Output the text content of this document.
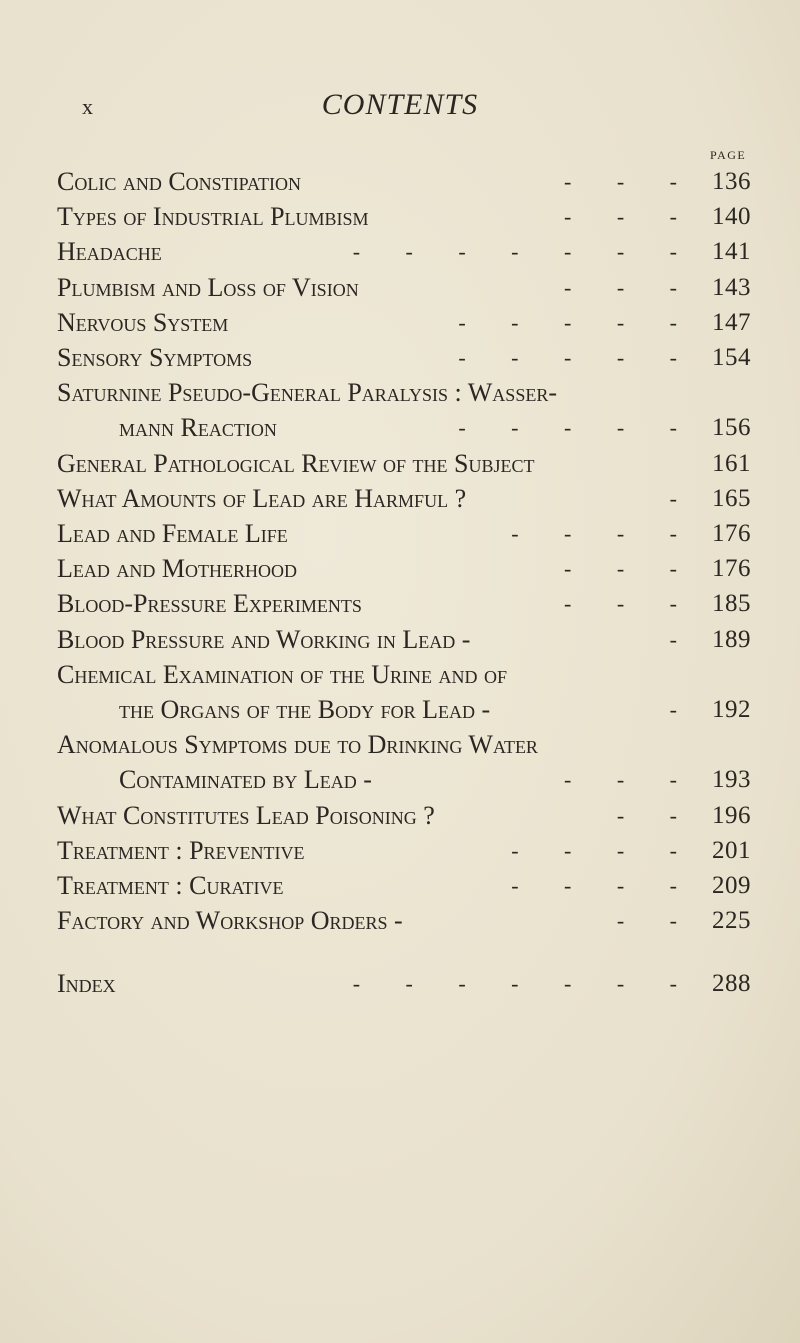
x	CONTENTS
PAGE
Colic and Constipation	- - - 136
Types of Industrial Plumbism	- - - 140
Headache	- - - - - - - 141
Plumbism and Loss of Vision	- - - 143
Nervous System	- - - - - 147
Sensory Symptoms	- - - - - 154
Saturnine Pseudo-General Paralysis : Wasser-
mann Reaction	- - - - - 156
General Pathological Review of the Subject	161
What Amounts of Lead are Harmful ?	- 165
Lead and Female Life	- - - - 176
Lead and Motherhood	- - - 176
Blood-Pressure Experiments	- - - 185
Blood Pressure and Working in Lead -	- 189
Chemical Examination of the Urine and of
the Organs of the Body for Lead -	- 192
Anomalous Symptoms due to Drinking Water
Contaminated by Lead -	- - - 193
What Constitutes Lead Poisoning ?	- - 196
Treatment : Preventive	- - - - 201
Treatment : Curative	- - - - 209
Factory and Workshop Orders -	- - 225
Index	- - - - - - - 288
